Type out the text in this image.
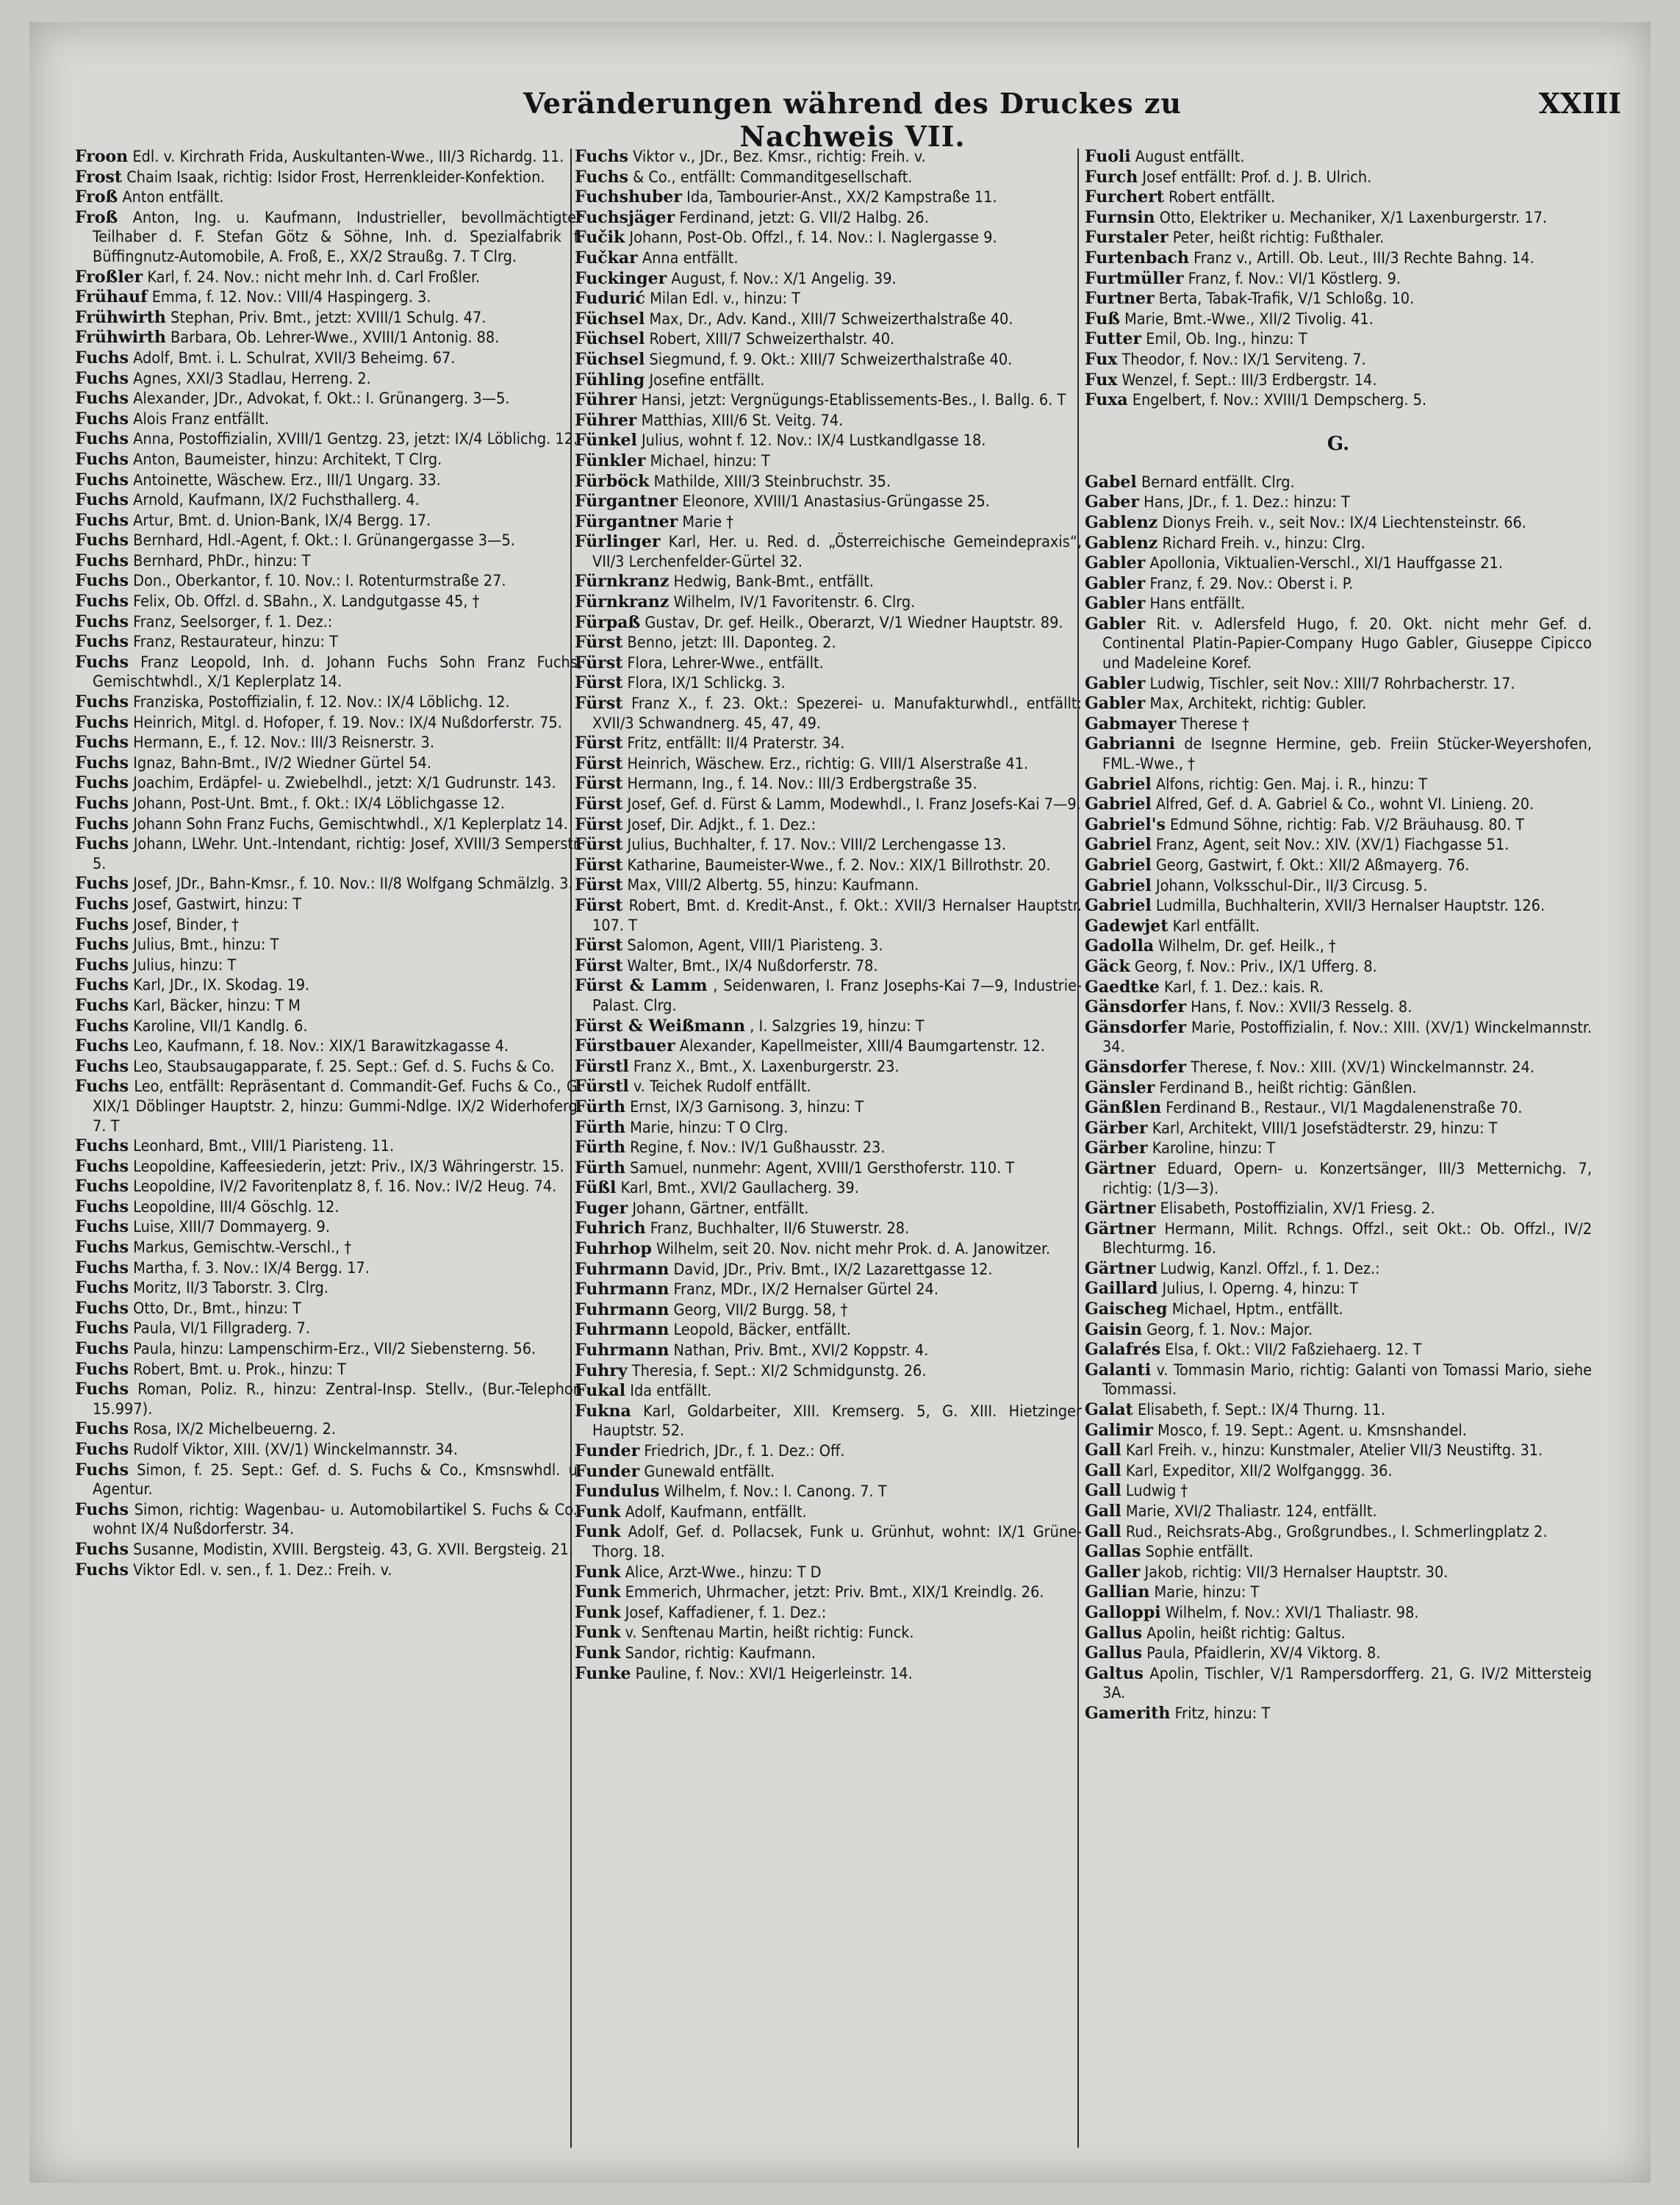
Veränderungen während des Druckes zu Nachweis VII.
XXIII
Froon Edl. v. Kirchrath Frida, Auskultanten-Wwe., III/3 Richardg. 11.
Frost Chaim Isaak, richtig: Isidor Frost, Herrenkleider-Konfektion.
Froß Anton entfällt.
Froß Anton, Ing. u. Kaufmann, Industrieller, bevollmächtigter Teilhaber d. F. Stefan Götz & Söhne, Inh. d. Spezialfabrik f. Büffingnutz-Automobile, A. Froß, E., XX/2 Straußg. 7. T Clrg.
Froßler Karl, f. 24. Nov.: nicht mehr Inh. d. Carl Froßler.
Frühauf Emma, f. 12. Nov.: VIII/4 Haspingerg. 3.
Frühwirth Stephan, Priv. Bmt., jetzt: XVIII/1 Schulg. 47.
Frühwirth Barbara, Ob. Lehrer-Wwe., XVIII/1 Antonig. 88.
Fuchs Adolf, Bmt. i. L. Schulrat, XVII/3 Beheimg. 67.
Fuchs Agnes, XXI/3 Stadlau, Herreng. 2.
Fuchs Alexander, JDr., Advokat, f. Okt.: I. Grünangerg. 3—5.
Fuchs Alois Franz entfällt.
Fuchs Anna, Postoffizialin, XVIII/1 Gentzg. 23, jetzt: IX/4 Löblichg. 12.
Fuchs Anton, Baumeister, hinzu: Architekt, T Clrg.
Fuchs Antoinette, Wäschew. Erz., III/1 Ungarg. 33.
Fuchs Arnold, Kaufmann, IX/2 Fuchsthallerg. 4.
Fuchs Artur, Bmt. d. Union-Bank, IX/4 Bergg. 17.
Fuchs Bernhard, Hdl.-Agent, f. Okt.: I. Grünangergasse 3—5.
Fuchs Bernhard, PhDr., hinzu: T
Fuchs Don., Oberkantor, f. 10. Nov.: I. Rotenturmstraße 27.
Fuchs Felix, Ob. Offzl. d. SBahn., X. Landgutgasse 45, †
Fuchs Franz, Seelsorger, f. 1. Dez.:
Fuchs Franz, Restaurateur, hinzu: T
Fuchs Franz Leopold, Inh. d. Johann Fuchs Sohn Franz Fuchs, Gemischtwhdl., X/1 Keplerplatz 14.
Fuchs Franziska, Postoffizialin, f. 12. Nov.: IX/4 Löblichg. 12.
Fuchs Heinrich, Mitgl. d. Hofoper, f. 19. Nov.: IX/4 Nußdorferstr. 75.
Fuchs Hermann, E., f. 12. Nov.: III/3 Reisnerstr. 3.
Fuchs Ignaz, Bahn-Bmt., IV/2 Wiedner Gürtel 54.
Fuchs Joachim, Erdäpfel- u. Zwiebelhdl., jetzt: X/1 Gudrunstr. 143.
Fuchs Johann, Post-Unt. Bmt., f. Okt.: IX/4 Löblichgasse 12.
Fuchs Johann Sohn Franz Fuchs, Gemischtwhdl., X/1 Keplerplatz 14.
Fuchs Johann, LWehr. Unt.-Intendant, richtig: Josef, XVIII/3 Semperstr. 5.
Fuchs Josef, JDr., Bahn-Kmsr., f. 10. Nov.: II/8 Wolfgang Schmälzlg. 3.
Fuchs Josef, Gastwirt, hinzu: T
Fuchs Josef, Binder, †
Fuchs Julius, Bmt., hinzu: T
Fuchs Julius, hinzu: T
Fuchs Karl, JDr., IX. Skodag. 19.
Fuchs Karl, Bäcker, hinzu: T M
Fuchs Karoline, VII/1 Kandlg. 6.
Fuchs Leo, Kaufmann, f. 18. Nov.: XIX/1 Barawitzkagasse 4.
Fuchs Leo, Staubsaugapparate, f. 25. Sept.: Gef. d. S. Fuchs & Co.
Fuchs Leo, entfällt: Repräsentant d. Commandit-Gef. Fuchs & Co., G. XIX/1 Döblinger Hauptstr. 2, hinzu: Gummi-Ndlge. IX/2 Widerhoferg. 7. T
Fuchs Leonhard, Bmt., VIII/1 Piaristeng. 11.
Fuchs Leopoldine, Kaffeesiederin, jetzt: Priv., IX/3 Währingerstr. 15.
Fuchs Leopoldine, IV/2 Favoritenplatz 8, f. 16. Nov.: IV/2 Heug. 74.
Fuchs Leopoldine, III/4 Göschlg. 12.
Fuchs Luise, XIII/7 Dommayerg. 9.
Fuchs Markus, Gemischtw.-Verschl., †
Fuchs Martha, f. 3. Nov.: IX/4 Bergg. 17.
Fuchs Moritz, II/3 Taborstr. 3. Clrg.
Fuchs Otto, Dr., Bmt., hinzu: T
Fuchs Paula, VI/1 Fillgraderg. 7.
Fuchs Paula, hinzu: Lampenschirm-Erz., VII/2 Siebensterng. 56.
Fuchs Robert, Bmt. u. Prok., hinzu: T
Fuchs Roman, Poliz. R., hinzu: Zentral-Insp. Stellv., (Bur.-Telephon 15.997).
Fuchs Rosa, IX/2 Michelbeuerng. 2.
Fuchs Rudolf Viktor, XIII. (XV/1) Winckelmannstr. 34.
Fuchs Simon, f. 25. Sept.: Gef. d. S. Fuchs & Co., Kmsnswhdl. u. Agentur.
Fuchs Simon, richtig: Wagenbau- u. Automobilartikel S. Fuchs & Co., wohnt IX/4 Nußdorferstr. 34.
Fuchs Susanne, Modistin, XVIII. Bergsteig. 43, G. XVII. Bergsteig. 21.
Fuchs Viktor Edl. v. sen., f. 1. Dez.: Freih. v.
Fuchs Viktor v., JDr., Bez. Kmsr., richtig: Freih. v.
Fuchs & Co., entfällt: Commanditgesellschaft.
Fuchshuber Ida, Tambourier-Anst., XX/2 Kampstraße 11.
Fuchsjäger Ferdinand, jetzt: G. VII/2 Halbg. 26.
Fučik Johann, Post-Ob. Offzl., f. 14. Nov.: I. Naglergasse 9.
Fučkar Anna entfällt.
Fuckinger August, f. Nov.: X/1 Angelig. 39.
Fudurić Milan Edl. v., hinzu: T
Füchsel Max, Dr., Adv. Kand., XIII/7 Schweizerthalstraße 40.
Füchsel Robert, XIII/7 Schweizerthalstr. 40.
Füchsel Siegmund, f. 9. Okt.: XIII/7 Schweizerthalstraße 40.
Fühling Josefine entfällt.
Führer Hansi, jetzt: Vergnügungs-Etablissements-Bes., I. Ballg. 6. T
Führer Matthias, XIII/6 St. Veitg. 74.
Fünkel Julius, wohnt f. 12. Nov.: IX/4 Lustkandlgasse 18.
Fünkler Michael, hinzu: T
Fürböck Mathilde, XIII/3 Steinbruchstr. 35.
Fürgantner Eleonore, XVIII/1 Anastasius-Grüngasse 25.
Fürgantner Marie †
Fürlinger Karl, Her. u. Red. d. „Österreichische Gemeindepraxis“, VII/3 Lerchenfelder-Gürtel 32.
Fürnkranz Hedwig, Bank-Bmt., entfällt.
Fürnkranz Wilhelm, IV/1 Favoritenstr. 6. Clrg.
Fürpaß Gustav, Dr. gef. Heilk., Oberarzt, V/1 Wiedner Hauptstr. 89.
Fürst Benno, jetzt: III. Daponteg. 2.
Fürst Flora, Lehrer-Wwe., entfällt.
Fürst Flora, IX/1 Schlickg. 3.
Fürst Franz X., f. 23. Okt.: Spezerei- u. Manufakturwhdl., entfällt: XVII/3 Schwandnerg. 45, 47, 49.
Fürst Fritz, entfällt: II/4 Praterstr. 34.
Fürst Heinrich, Wäschew. Erz., richtig: G. VIII/1 Alserstraße 41.
Fürst Hermann, Ing., f. 14. Nov.: III/3 Erdbergstraße 35.
Fürst Josef, Gef. d. Fürst & Lamm, Modewhdl., I. Franz Josefs-Kai 7—9.
Fürst Josef, Dir. Adjkt., f. 1. Dez.:
Fürst Julius, Buchhalter, f. 17. Nov.: VIII/2 Lerchengasse 13.
Fürst Katharine, Baumeister-Wwe., f. 2. Nov.: XIX/1 Billrothstr. 20.
Fürst Max, VIII/2 Albertg. 55, hinzu: Kaufmann.
Fürst Robert, Bmt. d. Kredit-Anst., f. Okt.: XVII/3 Hernalser Hauptstr. 107. T
Fürst Salomon, Agent, VIII/1 Piaristeng. 3.
Fürst Walter, Bmt., IX/4 Nußdorferstr. 78.
Fürst & Lamm , Seidenwaren, I. Franz Josephs-Kai 7—9, Industrie-Palast. Clrg.
Fürst & Weißmann , I. Salzgries 19, hinzu: T
Fürstbauer Alexander, Kapellmeister, XIII/4 Baumgartenstr. 12.
Fürstl Franz X., Bmt., X. Laxenburgerstr. 23.
Fürstl v. Teichek Rudolf entfällt.
Fürth Ernst, IX/3 Garnisong. 3, hinzu: T
Fürth Marie, hinzu: T O Clrg.
Fürth Regine, f. Nov.: IV/1 Gußhausstr. 23.
Fürth Samuel, nunmehr: Agent, XVIII/1 Gersthoferstr. 110. T
Füßl Karl, Bmt., XVI/2 Gaullacherg. 39.
Fuger Johann, Gärtner, entfällt.
Fuhrich Franz, Buchhalter, II/6 Stuwerstr. 28.
Fuhrhop Wilhelm, seit 20. Nov. nicht mehr Prok. d. A. Janowitzer.
Fuhrmann David, JDr., Priv. Bmt., IX/2 Lazarettgasse 12.
Fuhrmann Franz, MDr., IX/2 Hernalser Gürtel 24.
Fuhrmann Georg, VII/2 Burgg. 58, †
Fuhrmann Leopold, Bäcker, entfällt.
Fuhrmann Nathan, Priv. Bmt., XVI/2 Koppstr. 4.
Fuhry Theresia, f. Sept.: XI/2 Schmidgunstg. 26.
Fukal Ida entfällt.
Fukna Karl, Goldarbeiter, XIII. Kremserg. 5, G. XIII. Hietzinger Hauptstr. 52.
Funder Friedrich, JDr., f. 1. Dez.: Off.
Funder Gunewald entfällt.
Fundulus Wilhelm, f. Nov.: I. Canong. 7. T
Funk Adolf, Kaufmann, entfällt.
Funk Adolf, Gef. d. Pollacsek, Funk u. Grünhut, wohnt: IX/1 Grüne-Thorg. 18.
Funk Alice, Arzt-Wwe., hinzu: T D
Funk Emmerich, Uhrmacher, jetzt: Priv. Bmt., XIX/1 Kreindlg. 26.
Funk Josef, Kaffadiener, f. 1. Dez.:
Funk v. Senftenau Martin, heißt richtig: Funck.
Funk Sandor, richtig: Kaufmann.
Funke Pauline, f. Nov.: XVI/1 Heigerleinstr. 14.
Fuoli August entfällt.
Furch Josef entfällt: Prof. d. J. B. Ulrich.
Furchert Robert entfällt.
Furnsin Otto, Elektriker u. Mechaniker, X/1 Laxenburgerstr. 17.
Furstaler Peter, heißt richtig: Fußthaler.
Furtenbach Franz v., Artill. Ob. Leut., III/3 Rechte Bahng. 14.
Furtmüller Franz, f. Nov.: VI/1 Köstlerg. 9.
Furtner Berta, Tabak-Trafik, V/1 Schloßg. 10.
Fuß Marie, Bmt.-Wwe., XII/2 Tivolig. 41.
Futter Emil, Ob. Ing., hinzu: T
Fux Theodor, f. Nov.: IX/1 Serviteng. 7.
Fux Wenzel, f. Sept.: III/3 Erdbergstr. 14.
Fuxa Engelbert, f. Nov.: XVIII/1 Dempscherg. 5.
G.
Gabel Bernard entfällt. Clrg.
Gaber Hans, JDr., f. 1. Dez.: hinzu: T
Gablenz Dionys Freih. v., seit Nov.: IX/4 Liechtensteinstr. 66.
Gablenz Richard Freih. v., hinzu: Clrg.
Gabler Apollonia, Viktualien-Verschl., XI/1 Hauffgasse 21.
Gabler Franz, f. 29. Nov.: Oberst i. P.
Gabler Hans entfällt.
Gabler Rit. v. Adlersfeld Hugo, f. 20. Okt. nicht mehr Gef. d. Continental Platin-Papier-Company Hugo Gabler, Giuseppe Cipicco und Madeleine Koref.
Gabler Ludwig, Tischler, seit Nov.: XIII/7 Rohrbacherstr. 17.
Gabler Max, Architekt, richtig: Gubler.
Gabmayer Therese †
Gabrianni de Isegnne Hermine, geb. Freiin Stücker-Weyershofen, FML.-Wwe., †
Gabriel Alfons, richtig: Gen. Maj. i. R., hinzu: T
Gabriel Alfred, Gef. d. A. Gabriel & Co., wohnt VI. Linieng. 20.
Gabriel's Edmund Söhne, richtig: Fab. V/2 Bräuhausg. 80. T
Gabriel Franz, Agent, seit Nov.: XIV. (XV/1) Fiachgasse 51.
Gabriel Georg, Gastwirt, f. Okt.: XII/2 Aßmayerg. 76.
Gabriel Johann, Volksschul-Dir., II/3 Circusg. 5.
Gabriel Ludmilla, Buchhalterin, XVII/3 Hernalser Hauptstr. 126.
Gadewjet Karl entfällt.
Gadolla Wilhelm, Dr. gef. Heilk., †
Gäck Georg, f. Nov.: Priv., IX/1 Ufferg. 8.
Gaedtke Karl, f. 1. Dez.: kais. R.
Gänsdorfer Hans, f. Nov.: XVII/3 Resselg. 8.
Gänsdorfer Marie, Postoffizialin, f. Nov.: XIII. (XV/1) Winckelmannstr. 34.
Gänsdorfer Therese, f. Nov.: XIII. (XV/1) Winckelmannstr. 24.
Gänsler Ferdinand B., heißt richtig: Gänßlen.
Gänßlen Ferdinand B., Restaur., VI/1 Magdalenenstraße 70.
Gärber Karl, Architekt, VIII/1 Josefstädterstr. 29, hinzu: T
Gärber Karoline, hinzu: T
Gärtner Eduard, Opern- u. Konzertsänger, III/3 Metternichg. 7, richtig: (1/3—3).
Gärtner Elisabeth, Postoffizialin, XV/1 Friesg. 2.
Gärtner Hermann, Milit. Rchngs. Offzl., seit Okt.: Ob. Offzl., IV/2 Blechturmg. 16.
Gärtner Ludwig, Kanzl. Offzl., f. 1. Dez.:
Gaillard Julius, I. Operng. 4, hinzu: T
Gaischeg Michael, Hptm., entfällt.
Gaisin Georg, f. 1. Nov.: Major.
Galafrés Elsa, f. Okt.: VII/2 Faßziehaerg. 12. T
Galanti v. Tommasin Mario, richtig: Galanti von Tomassi Mario, siehe Tommassi.
Galat Elisabeth, f. Sept.: IX/4 Thurng. 11.
Galimir Mosco, f. 19. Sept.: Agent. u. Kmsnshandel.
Gall Karl Freih. v., hinzu: Kunstmaler, Atelier VII/3 Neustiftg. 31.
Gall Karl, Expeditor, XII/2 Wolfganggg. 36.
Gall Ludwig †
Gall Marie, XVI/2 Thaliastr. 124, entfällt.
Gall Rud., Reichsrats-Abg., Großgrundbes., I. Schmerlingplatz 2.
Gallas Sophie entfällt.
Galler Jakob, richtig: VII/3 Hernalser Hauptstr. 30.
Gallian Marie, hinzu: T
Galloppi Wilhelm, f. Nov.: XVI/1 Thaliastr. 98.
Gallus Apolin, heißt richtig: Galtus.
Gallus Paula, Pfaidlerin, XV/4 Viktorg. 8.
Galtus Apolin, Tischler, V/1 Rampersdorfferg. 21, G. IV/2 Mittersteig 3A.
Gamerith Fritz, hinzu: T
